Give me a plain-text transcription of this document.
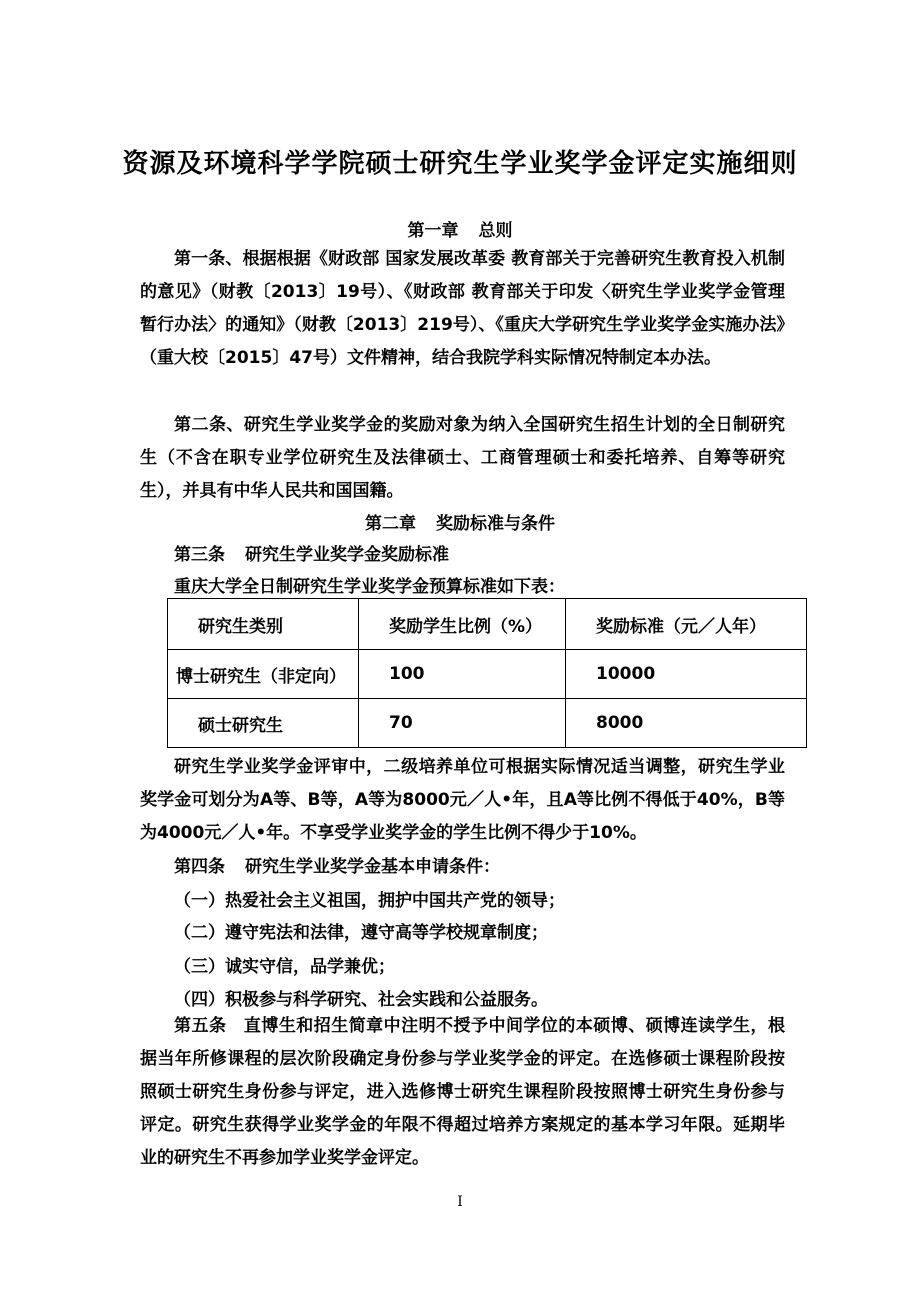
资源及环境科学学院硕士研究生学业奖学金评定实施细则
第一章 总则
第一条、根据根据《财政部 国家发展改革委 教育部关于完善研究生教育投入机制的意见》（财教〔2013〕19号）、《财政部 教育部关于印发〈研究生学业奖学金管理暂行办法〉的通知》（财教〔2013〕219号）、《重庆大学研究生学业奖学金实施办法》（重大校〔2015〕47号）文件精神，结合我院学科实际情况特制定本办法。
第二条、研究生学业奖学金的奖励对象为纳入全国研究生招生计划的全日制研究生（不含在职专业学位研究生及法律硕士、工商管理硕士和委托培养、自筹等研究生），并具有中华人民共和国国籍。
第二章 奖励标准与条件
第三条 研究生学业奖学金奖励标准
重庆大学全日制研究生学业奖学金预算标准如下表：
研究生类别	奖励学生比例（%）	奖励标准（元／人年）
博士研究生（非定向）	100	10000
硕士研究生	70	8000
研究生学业奖学金评审中，二级培养单位可根据实际情况适当调整，研究生学业奖学金可划分为A等、B等，A等为8000元／人•年，且A等比例不得低于40%，B等为4000元／人•年。不享受学业奖学金的学生比例不得少于10%。
第四条 研究生学业奖学金基本申请条件：
（一）热爱社会主义祖国，拥护中国共产党的领导；
（二）遵守宪法和法律，遵守高等学校规章制度；
（三）诚实守信，品学兼优；
（四）积极参与科学研究、社会实践和公益服务。
第五条　直博生和招生简章中注明不授予中间学位的本硕博、硕博连读学生，根据当年所修课程的层次阶段确定身份参与学业奖学金的评定。在选修硕士课程阶段按照硕士研究生身份参与评定，进入选修博士研究生课程阶段按照博士研究生身份参与评定。研究生获得学业奖学金的年限不得超过培养方案规定的基本学习年限。延期毕业的研究生不再参加学业奖学金评定。
I
